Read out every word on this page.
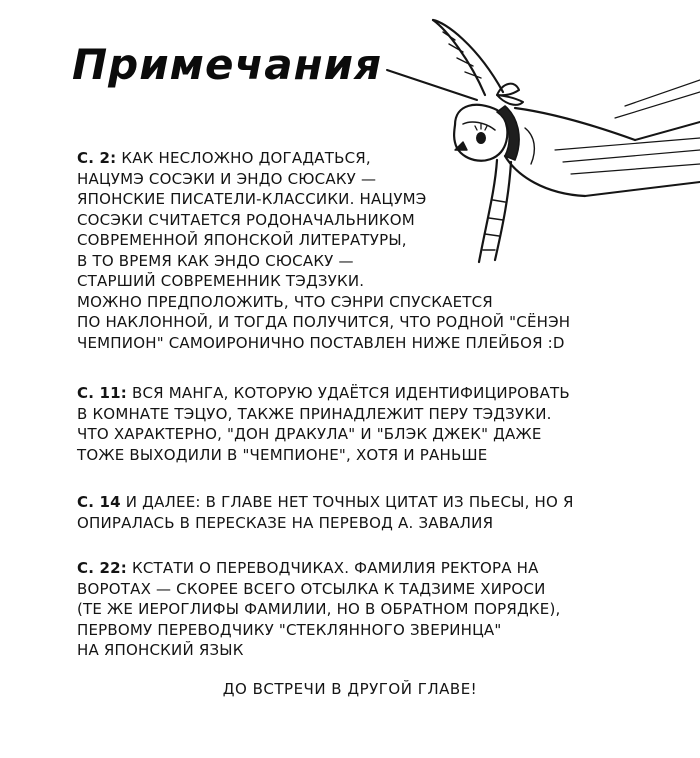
Примечания

С. 2: КАК НЕСЛОЖНО ДОГАДАТЬСЯ,
НАЦУМЭ СОСЭКИ И ЭНДО СЮСАКУ —
ЯПОНСКИЕ ПИСАТЕЛИ-КЛАССИКИ. НАЦУМЭ
СОСЭКИ СЧИТАЕТСЯ РОДОНАЧАЛЬНИКОМ
СОВРЕМЕННОЙ ЯПОНСКОЙ ЛИТЕРАТУРЫ,
В ТО ВРЕМЯ КАК ЭНДО СЮСАКУ —
СТАРШИЙ СОВРЕМЕННИК ТЭДЗУКИ.
МОЖНО ПРЕДПОЛОЖИТЬ, ЧТО СЭНРИ СПУСКАЕТСЯ
ПО НАКЛОННОЙ, И ТОГДА ПОЛУЧИТСЯ, ЧТО РОДНОЙ "СЁНЭН
ЧЕМПИОН" САМОИРОНИЧНО ПОСТАВЛЕН НИЖЕ ПЛЕЙБОЯ :D

С. 11: ВСЯ МАНГА, КОТОРУЮ УДАЁТСЯ ИДЕНТИФИЦИРОВАТЬ
В КОМНАТЕ ТЭЦУО, ТАКЖЕ ПРИНАДЛЕЖИТ ПЕРУ ТЭДЗУКИ.
ЧТО ХАРАКТЕРНО, "ДОН ДРАКУЛА" И "БЛЭК ДЖЕК" ДАЖЕ
ТОЖЕ ВЫХОДИЛИ В "ЧЕМПИОНЕ", ХОТЯ И РАНЬШЕ

С. 14 И ДАЛЕЕ: В ГЛАВЕ НЕТ ТОЧНЫХ ЦИТАТ ИЗ ПЬЕСЫ, НО Я
ОПИРАЛАСЬ В ПЕРЕСКАЗЕ НА ПЕРЕВОД А. ЗАВАЛИЯ

С. 22: КСТАТИ О ПЕРЕВОДЧИКАХ. ФАМИЛИЯ РЕКТОРА НА
ВОРОТАХ — СКОРЕЕ ВСЕГО ОТСЫЛКА К ТАДЗИМЕ ХИРОСИ
(ТЕ ЖЕ ИЕРОГЛИФЫ ФАМИЛИИ, НО В ОБРАТНОМ ПОРЯДКЕ),
ПЕРВОМУ ПЕРЕВОДЧИКУ "СТЕКЛЯННОГО ЗВЕРИНЦА"
НА ЯПОНСКИЙ ЯЗЫК

ДО ВСТРЕЧИ В ДРУГОЙ ГЛАВЕ!
